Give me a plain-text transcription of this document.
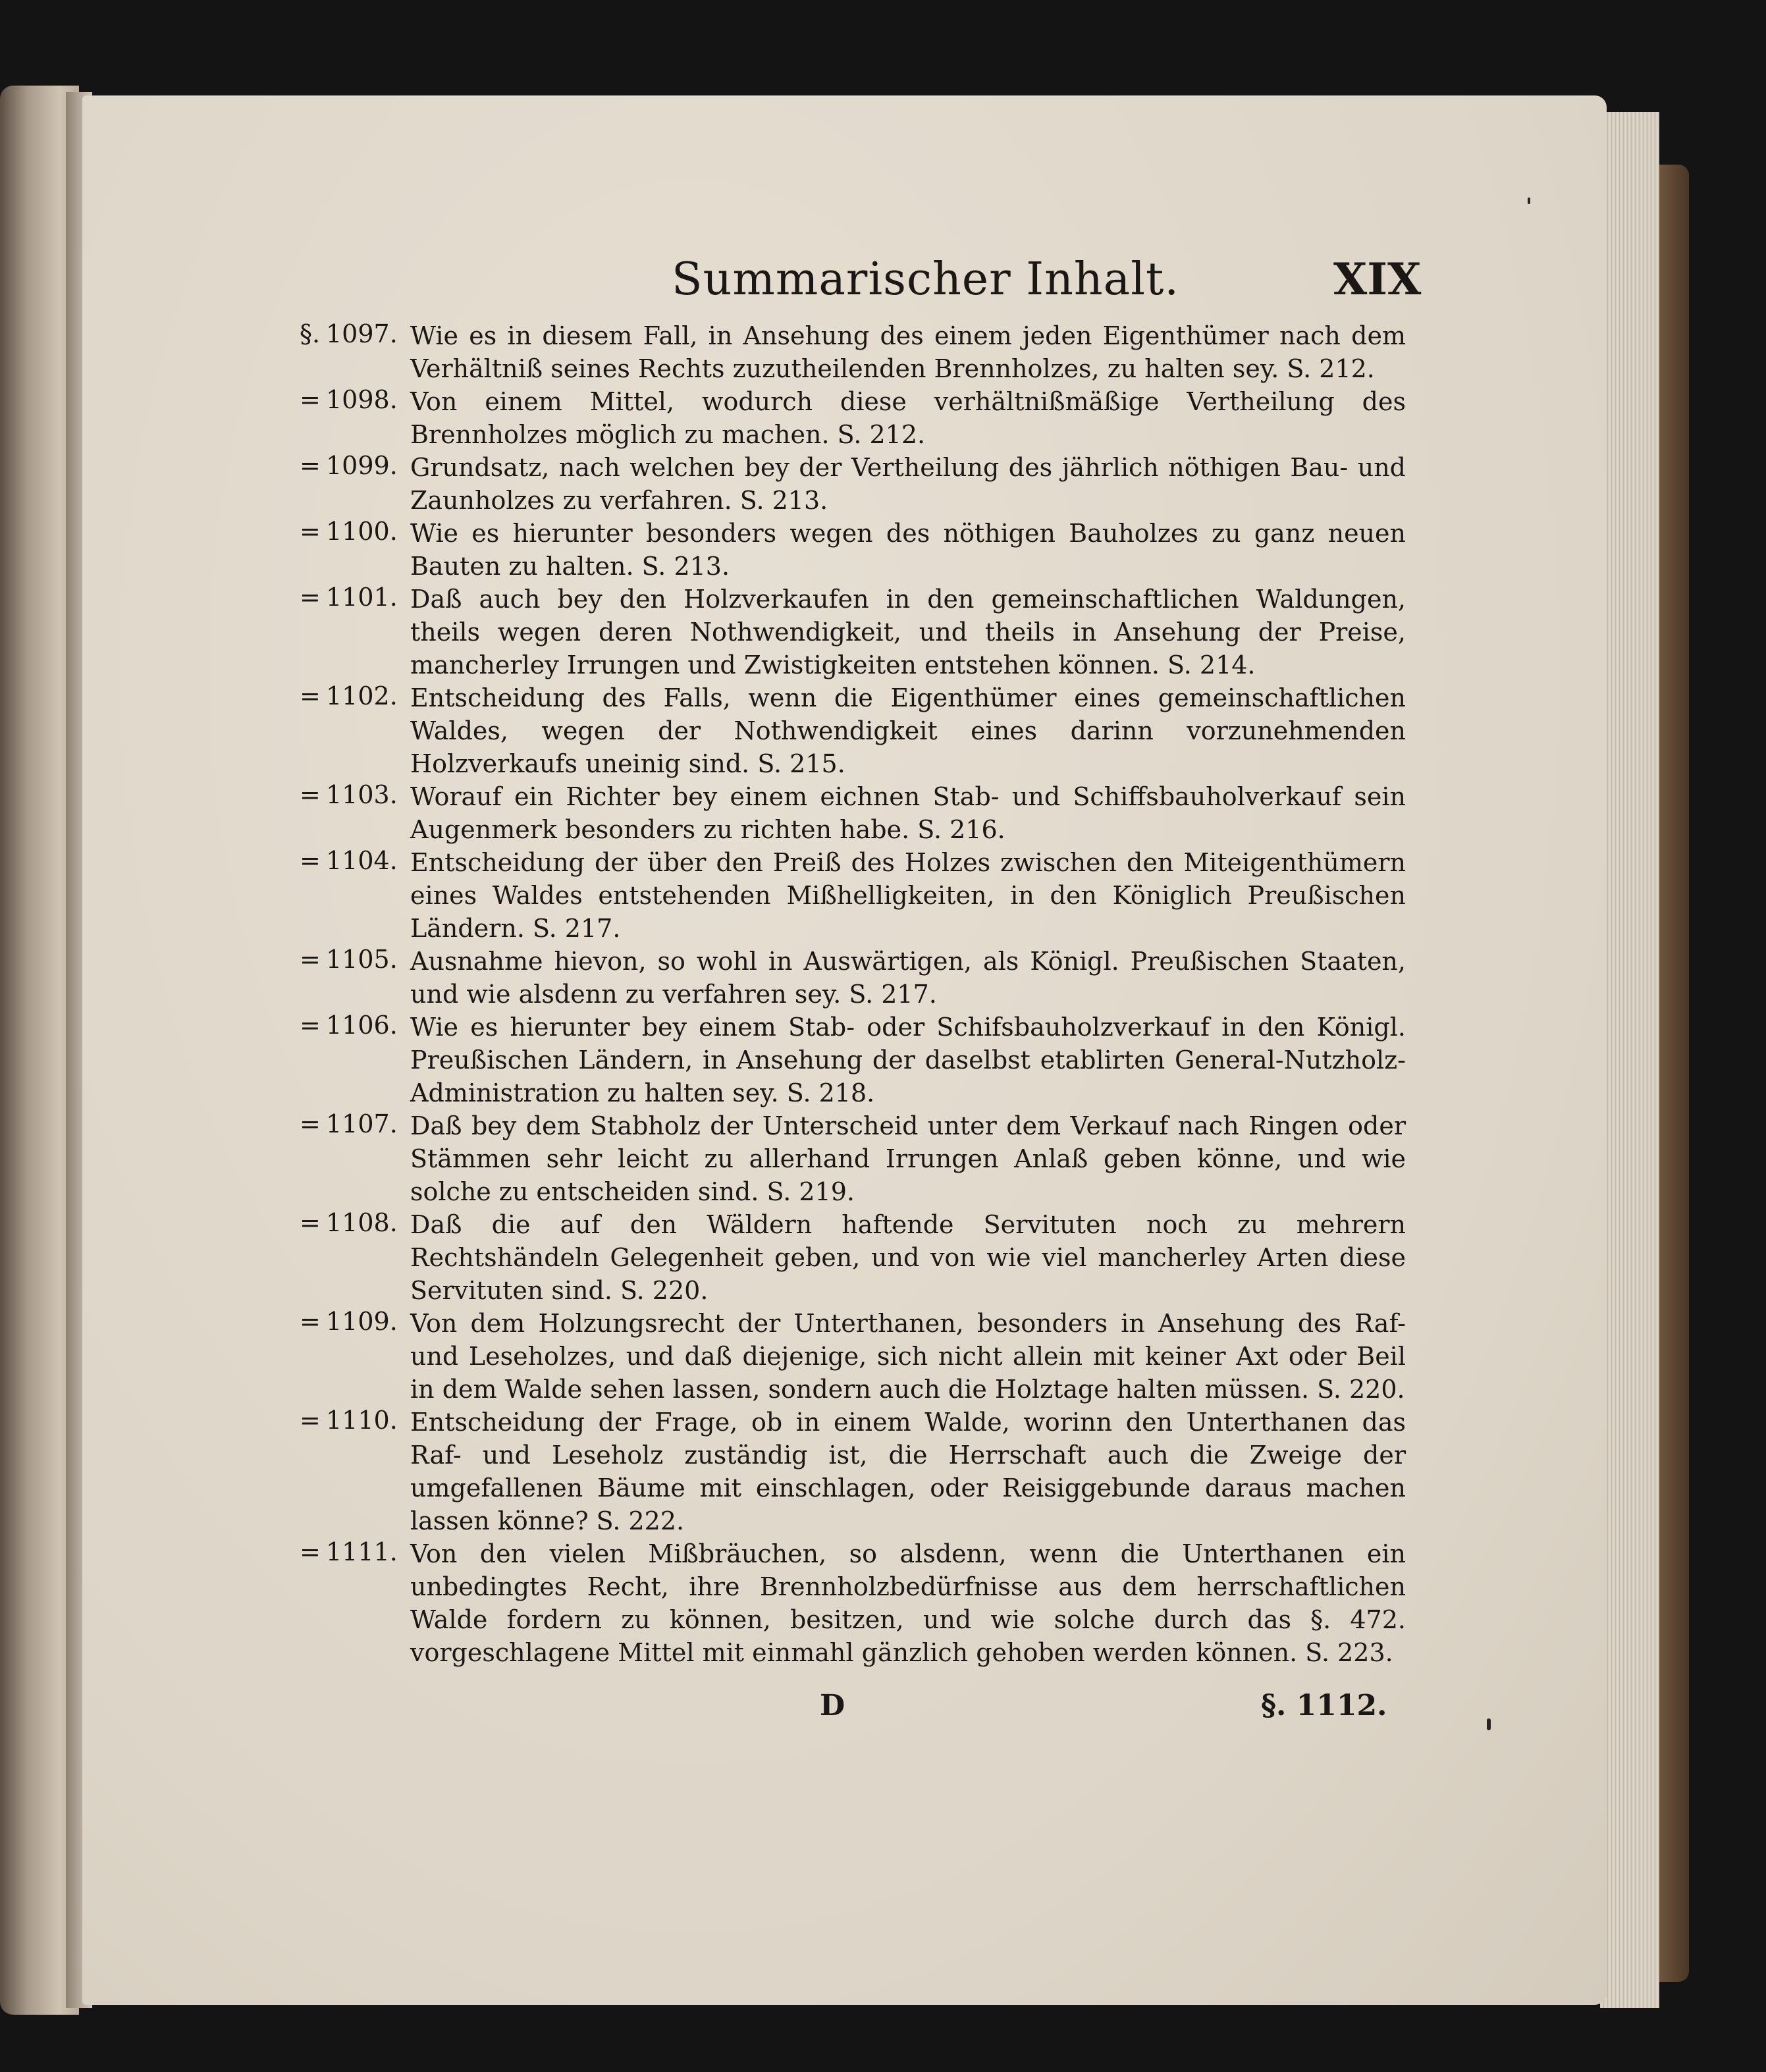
Summarischer Inhalt.	XIX
§. 1097. Wie es in diesem Fall, in Ansehung des einem jeden Eigenthümer nach dem Verhältniß seines Rechts zuzutheilenden Brennholzes, zu halten sey. S. 212.
= 1098. Von einem Mittel, wodurch diese verhältnißmäßige Vertheilung des Brennholzes möglich zu machen. S. 212.
= 1099. Grundsatz, nach welchen bey der Vertheilung des jährlich nöthigen Bau- und Zaunholzes zu verfahren. S. 213.
= 1100. Wie es hierunter besonders wegen des nöthigen Bauholzes zu ganz neuen Bauten zu halten. S. 213.
= 1101. Daß auch bey den Holzverkaufen in den gemeinschaftlichen Waldungen, theils wegen deren Nothwendigkeit, und theils in Ansehung der Preise, mancherley Irrungen und Zwistigkeiten entstehen können. S. 214.
= 1102. Entscheidung des Falls, wenn die Eigenthümer eines gemeinschaftlichen Waldes, wegen der Nothwendigkeit eines darinn vorzunehmenden Holzverkaufs uneinig sind. S. 215.
= 1103. Worauf ein Richter bey einem eichnen Stab- und Schiffsbauholverkauf sein Augenmerk besonders zu richten habe. S. 216.
= 1104. Entscheidung der über den Preiß des Holzes zwischen den Miteigenthümern eines Waldes entstehenden Mißhelligkeiten, in den Königlich Preußischen Ländern. S. 217.
= 1105. Ausnahme hievon, so wohl in Auswärtigen, als Königl. Preußischen Staaten, und wie alsdenn zu verfahren sey. S. 217.
= 1106. Wie es hierunter bey einem Stab- oder Schifsbauholzverkauf in den Königl. Preußischen Ländern, in Ansehung der daselbst etablirten General-Nutzholz-Administration zu halten sey. S. 218.
= 1107. Daß bey dem Stabholz der Unterscheid unter dem Verkauf nach Ringen oder Stämmen sehr leicht zu allerhand Irrungen Anlaß geben könne, und wie solche zu entscheiden sind. S. 219.
= 1108. Daß die auf den Wäldern haftende Servituten noch zu mehrern Rechtshändeln Gelegenheit geben, und von wie viel mancherley Arten diese Servituten sind. S. 220.
= 1109. Von dem Holzungsrecht der Unterthanen, besonders in Ansehung des Raf- und Leseholzes, und daß diejenige, sich nicht allein mit keiner Axt oder Beil in dem Walde sehen lassen, sondern auch die Holztage halten müssen. S. 220.
= 1110. Entscheidung der Frage, ob in einem Walde, worinn den Unterthanen das Raf- und Leseholz zuständig ist, die Herrschaft auch die Zweige der umgefallenen Bäume mit einschlagen, oder Reisiggebunde daraus machen lassen könne? S. 222.
= 1111. Von den vielen Mißbräuchen, so alsdenn, wenn die Unterthanen ein unbedingtes Recht, ihre Brennholzbedürfnisse aus dem herrschaftlichen Walde fordern zu können, besitzen, und wie solche durch das §. 472. vorgeschlagene Mittel mit einmahl gänzlich gehoben werden können. S. 223.
D	§. 1112.
